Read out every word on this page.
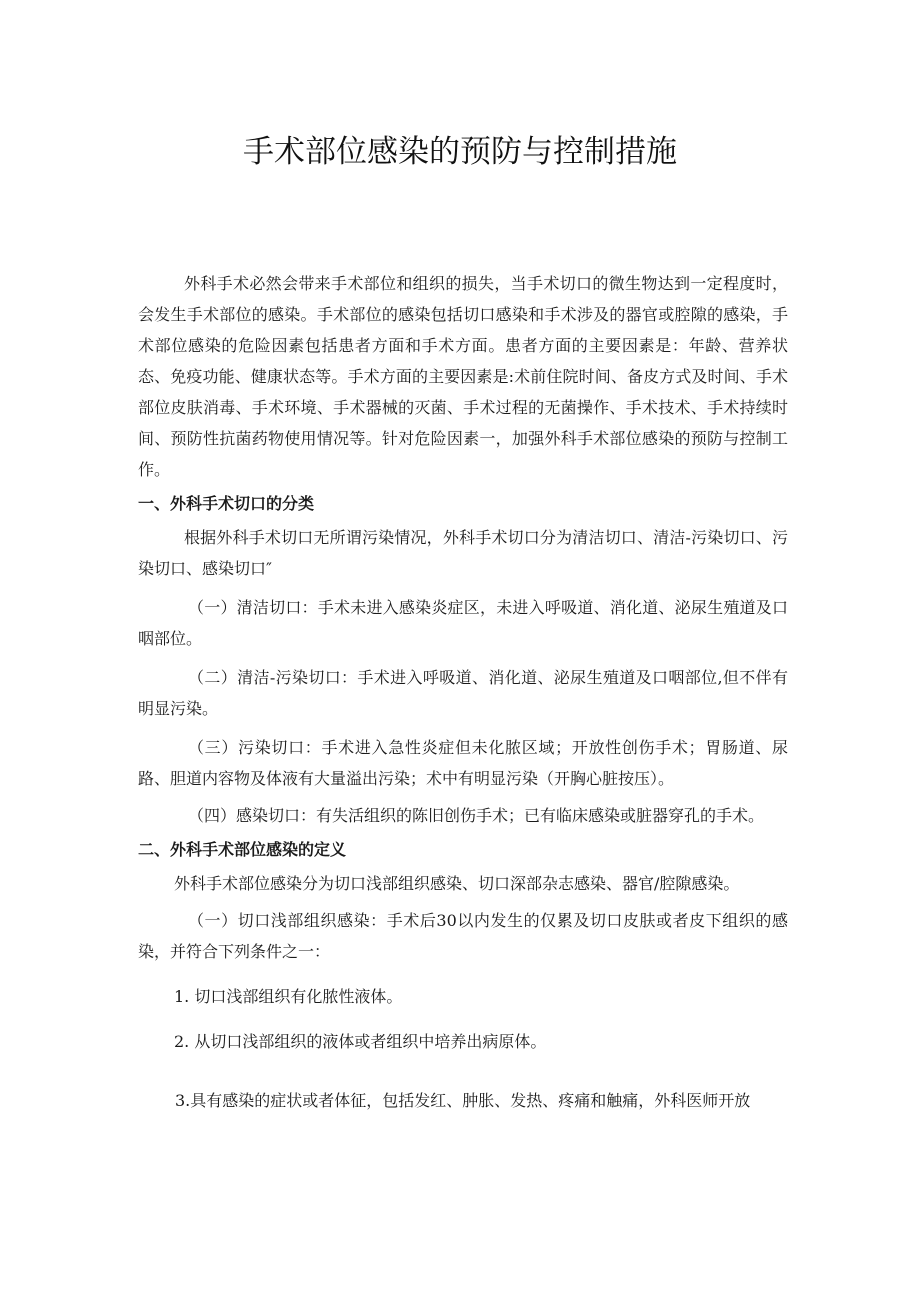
手术部位感染的预防与控制措施

外科手术必然会带来手术部位和组织的损失，当手术切口的微生物达到一定程度时，会发生手术部位的感染。手术部位的感染包括切口感染和手术涉及的器官或腔隙的感染，手术部位感染的危险因素包括患者方面和手术方面。患者方面的主要因素是：年龄、营养状态、免疫功能、健康状态等。手术方面的主要因素是:术前住院时间、备皮方式及时间、手术部位皮肤消毒、手术环境、手术器械的灭菌、手术过程的无菌操作、手术技术、手术持续时间、预防性抗菌药物使用情况等。针对危险因素一，加强外科手术部位感染的预防与控制工作。

一、外科手术切口的分类

根据外科手术切口无所谓污染情况，外科手术切口分为清洁切口、清洁-污染切口、污染切口、感染切口″

（一）清洁切口：手术未进入感染炎症区，未进入呼吸道、消化道、泌尿生殖道及口咽部位。

（二）清洁-污染切口：手术进入呼吸道、消化道、泌尿生殖道及口咽部位,但不伴有明显污染。

（三）污染切口：手术进入急性炎症但未化脓区域；开放性创伤手术；胃肠道、尿路、胆道内容物及体液有大量溢出污染；术中有明显污染（开胸心脏按压）。

（四）感染切口：有失活组织的陈旧创伤手术；已有临床感染或脏器穿孔的手术。

二、外科手术部位感染的定义

外科手术部位感染分为切口浅部组织感染、切口深部杂志感染、器官/腔隙感染。

（一）切口浅部组织感染：手术后30以内发生的仅累及切口皮肤或者皮下组织的感染，并符合下列条件之一：

1. 切口浅部组织有化脓性液体。

2. 从切口浅部组织的液体或者组织中培养出病原体。

3.具有感染的症状或者体征，包括发红、肿胀、发热、疼痛和触痛，外科医师开放
